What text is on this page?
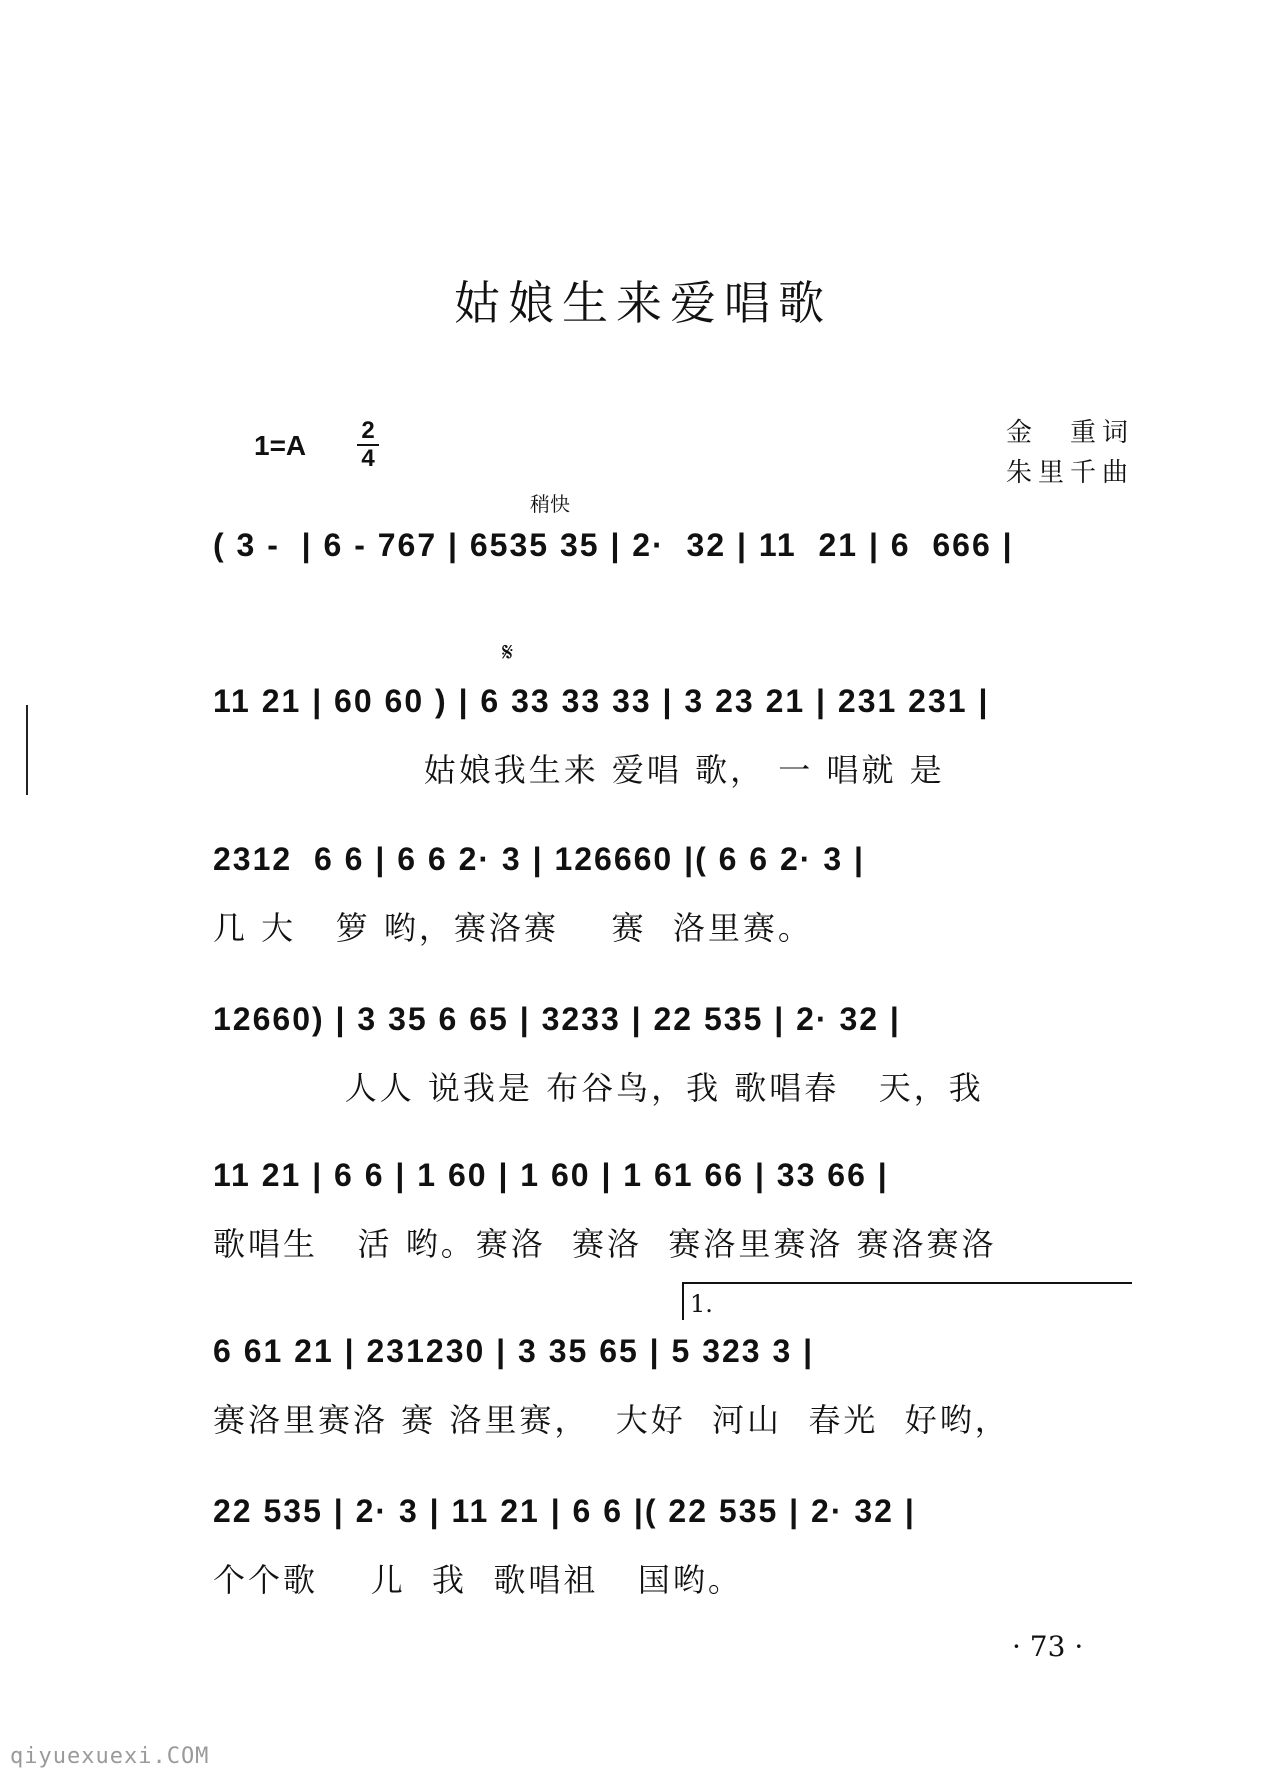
姑娘生来爱唱歌
1=A 2
4
金　重词
朱里千曲
稍快
𝄋
1.
( 3 -  | 6 - 767 | 6535 35 | 2·  32 | 11  21 | 6  666 |
11 21 | 60 60 ) | 6 33 33 33 | 3 23 21 | 231 231 |
姑娘我生来 爱唱 歌， 一 唱就 是
2312  6 6 | 6 6 2· 3 | 126660 |( 6 6 2· 3 |
几 大   箩 哟，赛洛赛    赛  洛里赛。
12660) | 3 35 6 65 | 3233 | 22 535 | 2· 32 |
人人 说我是 布谷鸟，我 歌唱春   天，我
11 21 | 6 6 | 1 60 | 1 60 | 1 61 66 | 33 66 |
歌唱生   活 哟。赛洛  赛洛  赛洛里赛洛 赛洛赛洛
6 61 21 | 231230 | 3 35 65 | 5 323 3 |
赛洛里赛洛 赛 洛里赛，  大好  河山  春光  好哟，
22 535 | 2· 3 | 11 21 | 6 6 |( 22 535 | 2· 32 |
个个歌    儿  我  歌唱祖   国哟。
· 73 ·
qiyuexuexi.COM
